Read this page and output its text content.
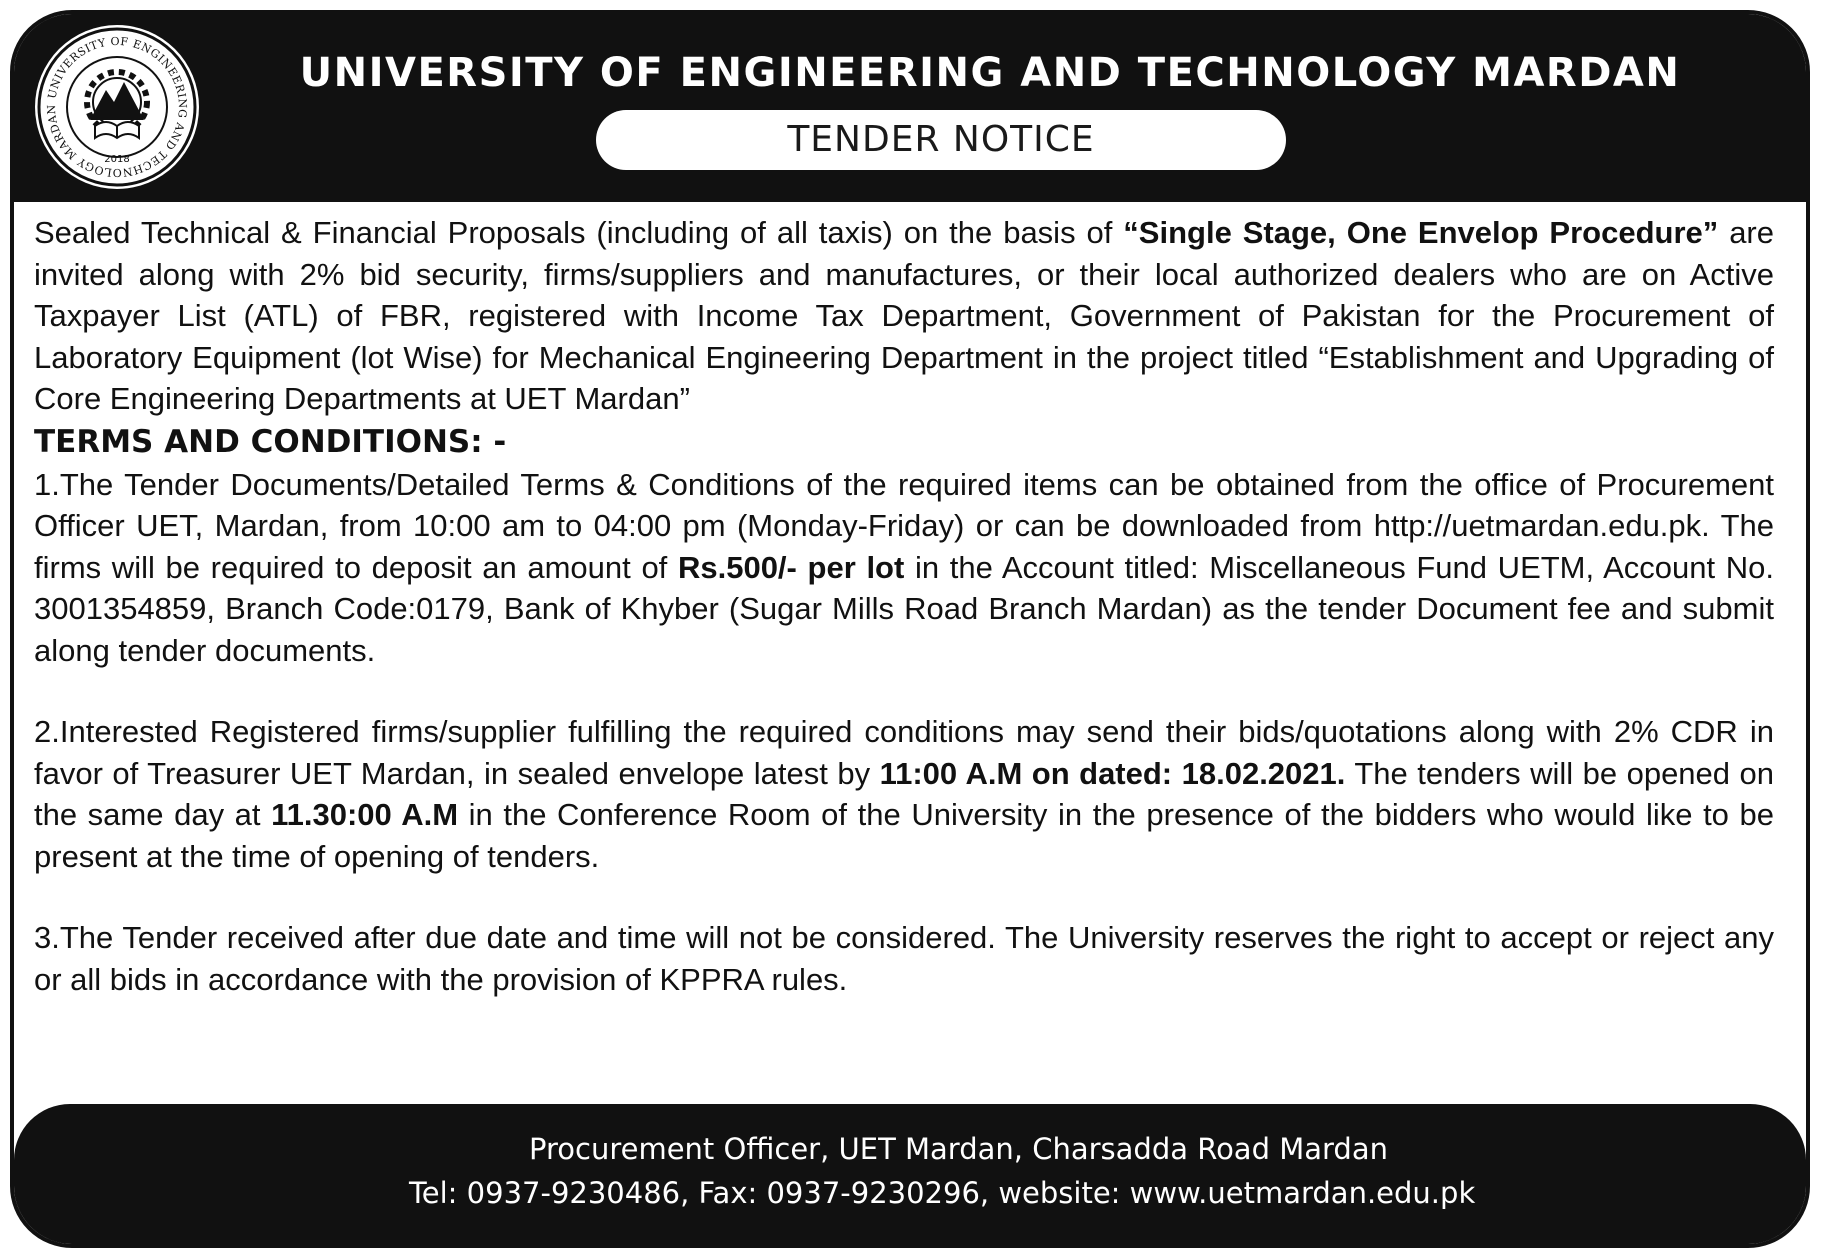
UNIVERSITY OF ENGINEERING AND TECHNOLOGY MARDAN
2018
UNIVERSITY OF ENGINEERING AND TECHNOLOGY MARDAN
TENDER NOTICE

Sealed Technical & Financial Proposals (including of all taxis) on the basis of “Single Stage, One Envelop Procedure” are invited along with 2% bid security, firms/suppliers and manufactures, or their local authorized dealers who are on Active Taxpayer List (ATL) of FBR, registered with Income Tax Department, Government of Pakistan for the Procurement of Laboratory Equipment (lot Wise) for Mechanical Engineering Department in the project titled “Establishment and Upgrading of Core Engineering Departments at UET Mardan”

TERMS AND CONDITIONS: -

1.The Tender Documents/Detailed Terms & Conditions of the required items can be obtained from the office of Procurement Officer UET, Mardan, from 10:00 am to 04:00 pm (Monday-Friday) or can be downloaded from http://uetmardan.edu.pk. The firms will be required to deposit an amount of Rs.500/- per lot in the Account titled: Miscellaneous Fund UETM, Account No. 3001354859, Branch Code:0179, Bank of Khyber (Sugar Mills Road Branch Mardan) as the tender Document fee and submit along tender documents.

2.Interested Registered firms/supplier fulfilling the required conditions may send their bids/quotations along with 2% CDR in favor of Treasurer UET Mardan, in sealed envelope latest by 11:00 A.M on dated: 18.02.2021. The tenders will be opened on the same day at 11.30:00 A.M in the Conference Room of the University in the presence of the bidders who would like to be present at the time of opening of tenders.

3.The Tender received after due date and time will not be considered. The University reserves the right to accept or reject any or all bids in accordance with the provision of KPPRA rules.

Procurement Officer, UET Mardan, Charsadda Road Mardan
Tel: 0937-9230486, Fax: 0937-9230296, website: www.uetmardan.edu.pk
